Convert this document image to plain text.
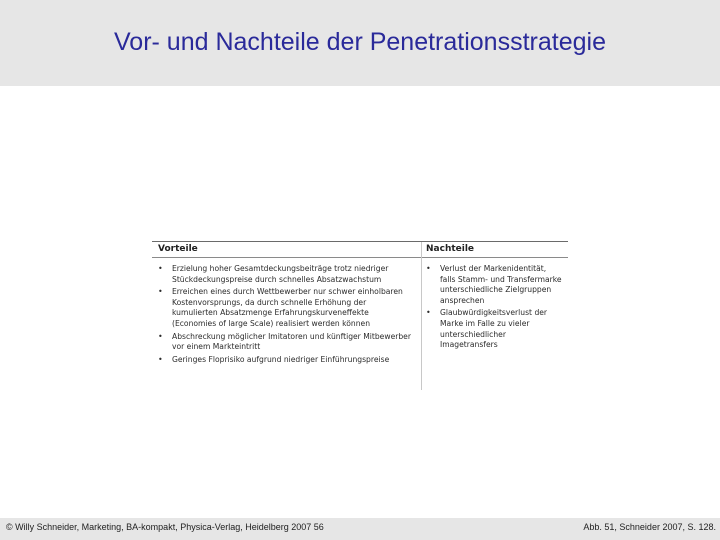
Vor- und Nachteile der Penetrationsstrategie
Vorteile	Nachteile
• Erzielung hoher Gesamtdeckungsbeiträge trotz niedriger Stückdeckungspreise durch schnelles Absatzwachstum
• Erreichen eines durch Wettbewerber nur schwer einholbaren Kostenvorsprungs, da durch schnelle Erhöhung der kumulierten Absatzmenge Erfahrungskurveneffekte (Economies of large Scale) realisiert werden können
• Abschreckung möglicher Imitatoren und künftiger Mitbewerber vor einem Markteintritt
• Geringes Floprisiko aufgrund niedriger Einführungspreise
• Verlust der Markenidentität, falls Stamm- und Transfermarke unterschiedliche Zielgruppen ansprechen
• Glaubwürdigkeitsverlust der Marke im Falle zu vieler unterschiedlicher Imagetransfers
© Willy Schneider, Marketing, BA-kompakt, Physica-Verlag, Heidelberg 2007 56	Abb. 51, Schneider 2007, S. 128.
